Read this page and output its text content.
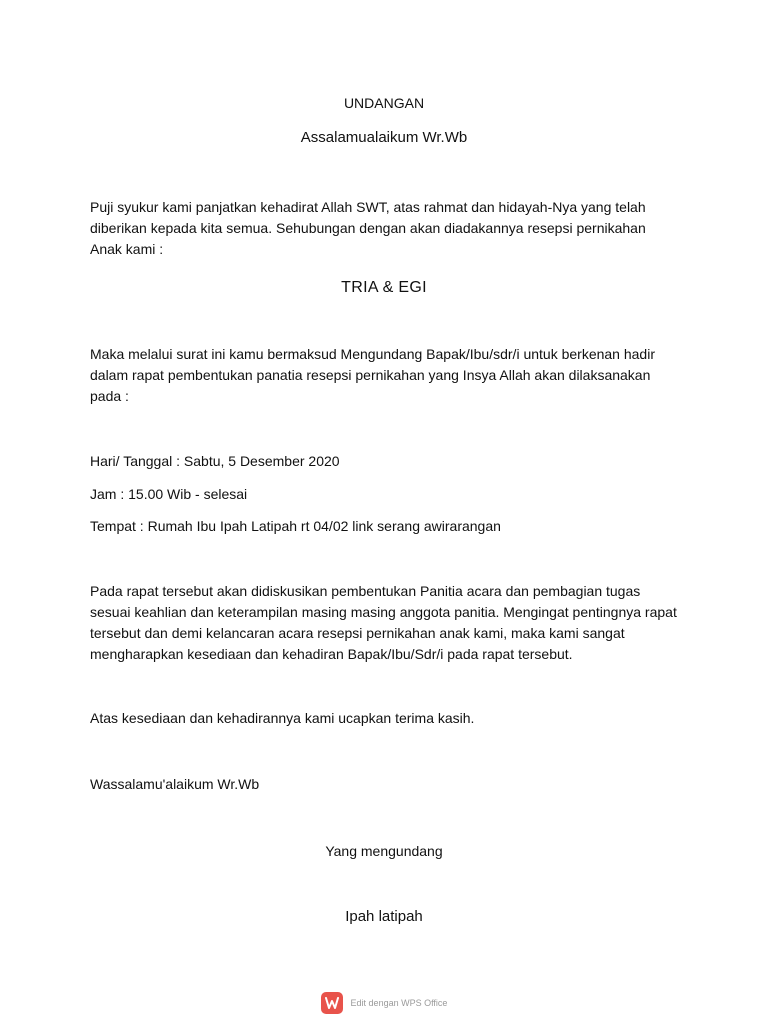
UNDANGAN
Assalamualaikum Wr.Wb
Puji syukur kami panjatkan kehadirat Allah SWT, atas rahmat dan hidayah-Nya yang telah diberikan kepada kita semua. Sehubungan dengan akan diadakannya resepsi pernikahan Anak kami :
TRIA & EGI
Maka melalui surat ini kamu bermaksud Mengundang Bapak/Ibu/sdr/i untuk berkenan hadir dalam rapat pembentukan panatia resepsi pernikahan yang Insya Allah akan dilaksanakan pada :
Hari/ Tanggal : Sabtu, 5 Desember 2020
Jam : 15.00 Wib - selesai
Tempat : Rumah Ibu Ipah Latipah rt 04/02 link serang awirarangan
Pada rapat tersebut akan didiskusikan pembentukan Panitia acara dan pembagian tugas sesuai keahlian dan keterampilan masing masing anggota panitia. Mengingat pentingnya rapat tersebut dan demi kelancaran acara resepsi pernikahan anak kami, maka kami sangat mengharapkan kesediaan dan kehadiran Bapak/Ibu/Sdr/i pada rapat tersebut.
Atas kesediaan dan kehadirannya kami ucapkan terima kasih.
Wassalamu'alaikum Wr.Wb
Yang mengundang
Ipah latipah
Edit dengan WPS Office
